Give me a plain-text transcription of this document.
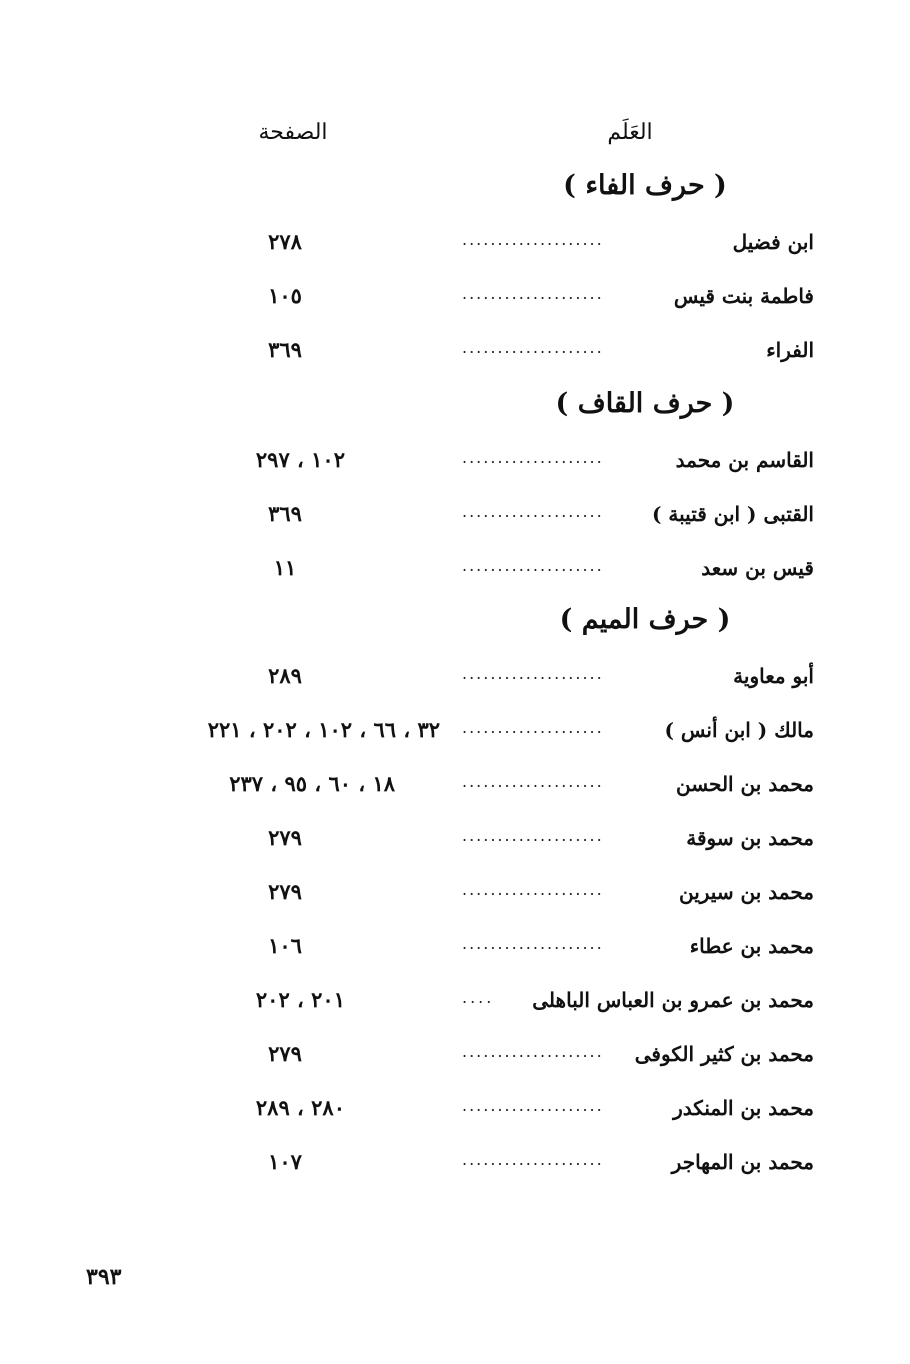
العَلَم
الصفحة
( حرف الفاء )
ابن فضيل
....................
٢٧٨
فاطمة بنت قيس
....................
١٠٥
الفراء
....................
٣٦٩
( حرف القاف )
القاسم بن محمد
....................
١٠٢ ، ٢٩٧
القتبى ( ابن قتيبة )
....................
٣٦٩
قيس بن سعد
....................
١١
( حرف الميم )
أبو معاوية
....................
٢٨٩
مالك ( ابن أنس )
....................
٣٢ ، ٦٦ ، ١٠٢ ، ٢٠٢ ، ٢٢١
محمد بن الحسن
....................
١٨ ، ٦٠ ، ٩٥ ، ٢٣٧
محمد بن سوقة
....................
٢٧٩
محمد بن سيرين
....................
٢٧٩
محمد بن عطاء
....................
١٠٦
محمد بن عمرو بن العباس الباهلى
....
٢٠١ ، ٢٠٢
محمد بن كثير الكوفى
....................
٢٧٩
محمد بن المنكدر
....................
٢٨٠ ، ٢٨٩
محمد بن المهاجر
....................
١٠٧
٣٩٣
